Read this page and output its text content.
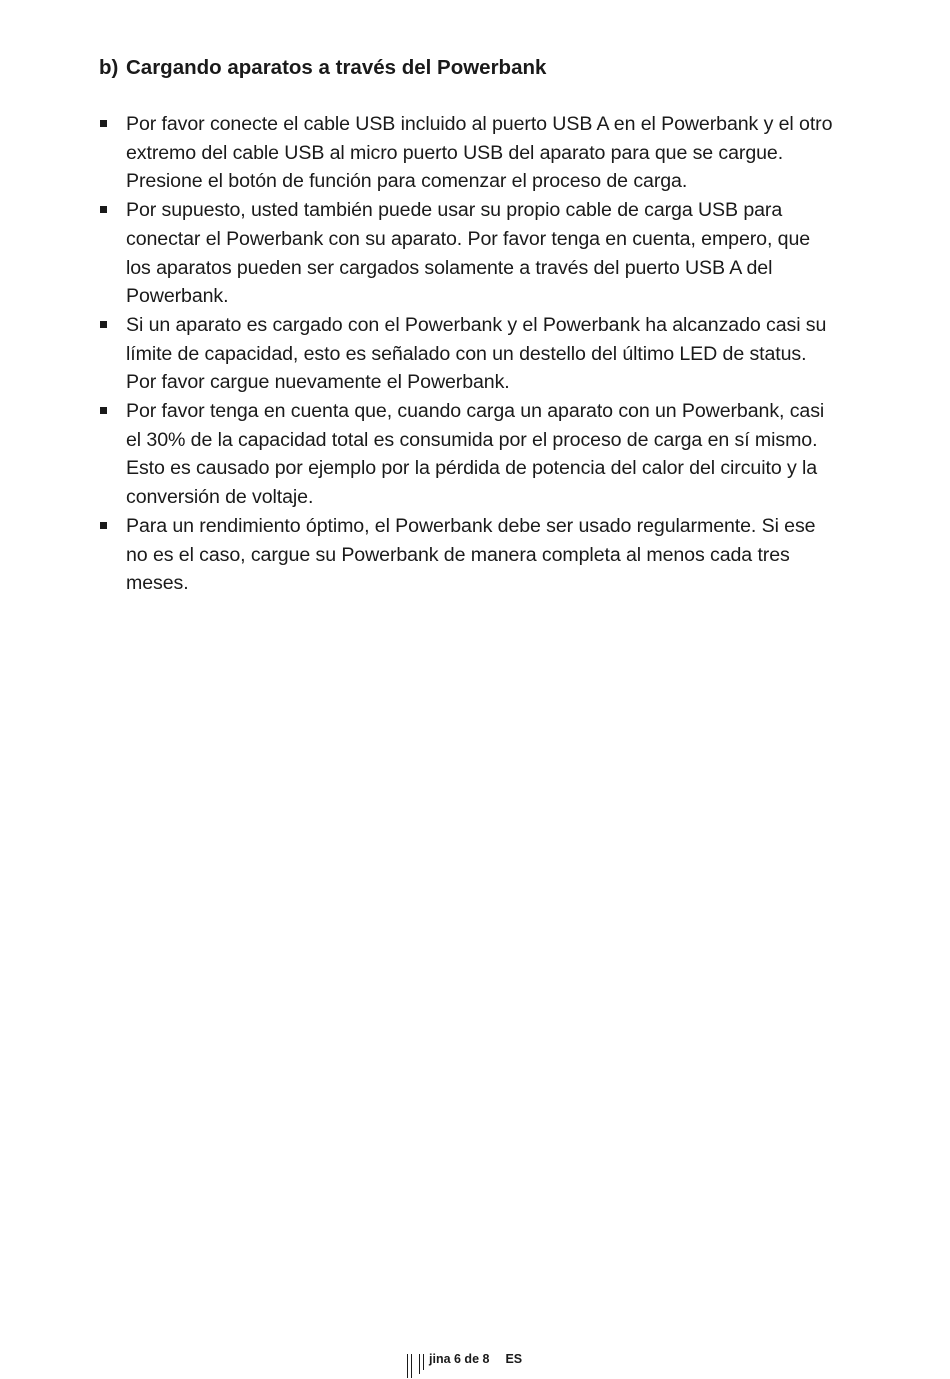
b) Cargando aparatos a través del Powerbank
Por favor conecte el cable USB incluido al puerto USB A en el Powerbank y el otro extremo del cable USB al micro puerto USB del aparato para que se cargue. Presione el botón de función para comenzar el proceso de carga.
Por supuesto, usted también puede usar su propio cable de carga USB para conectar el Powerbank con su aparato. Por favor tenga en cuenta, empero, que los aparatos pueden ser cargados solamente a través del puerto USB A del Powerbank.
Si un aparato es cargado con el Powerbank y el Powerbank ha alcanzado casi su límite de capacidad, esto es señalado con un destello del último LED de status. Por favor cargue nuevamente el Powerbank.
Por favor tenga en cuenta que, cuando carga un aparato con un Powerbank, casi el 30% de la capacidad total es consumida por el proceso de carga en sí mismo. Esto es causado por ejemplo por la pérdida de potencia del calor del circuito y la conversión de voltaje.
Para un rendimiento óptimo, el Powerbank debe ser usado regularmente. Si ese no es el caso, cargue su Powerbank de manera completa al menos cada tres meses.
jina 6 de 8 ES
